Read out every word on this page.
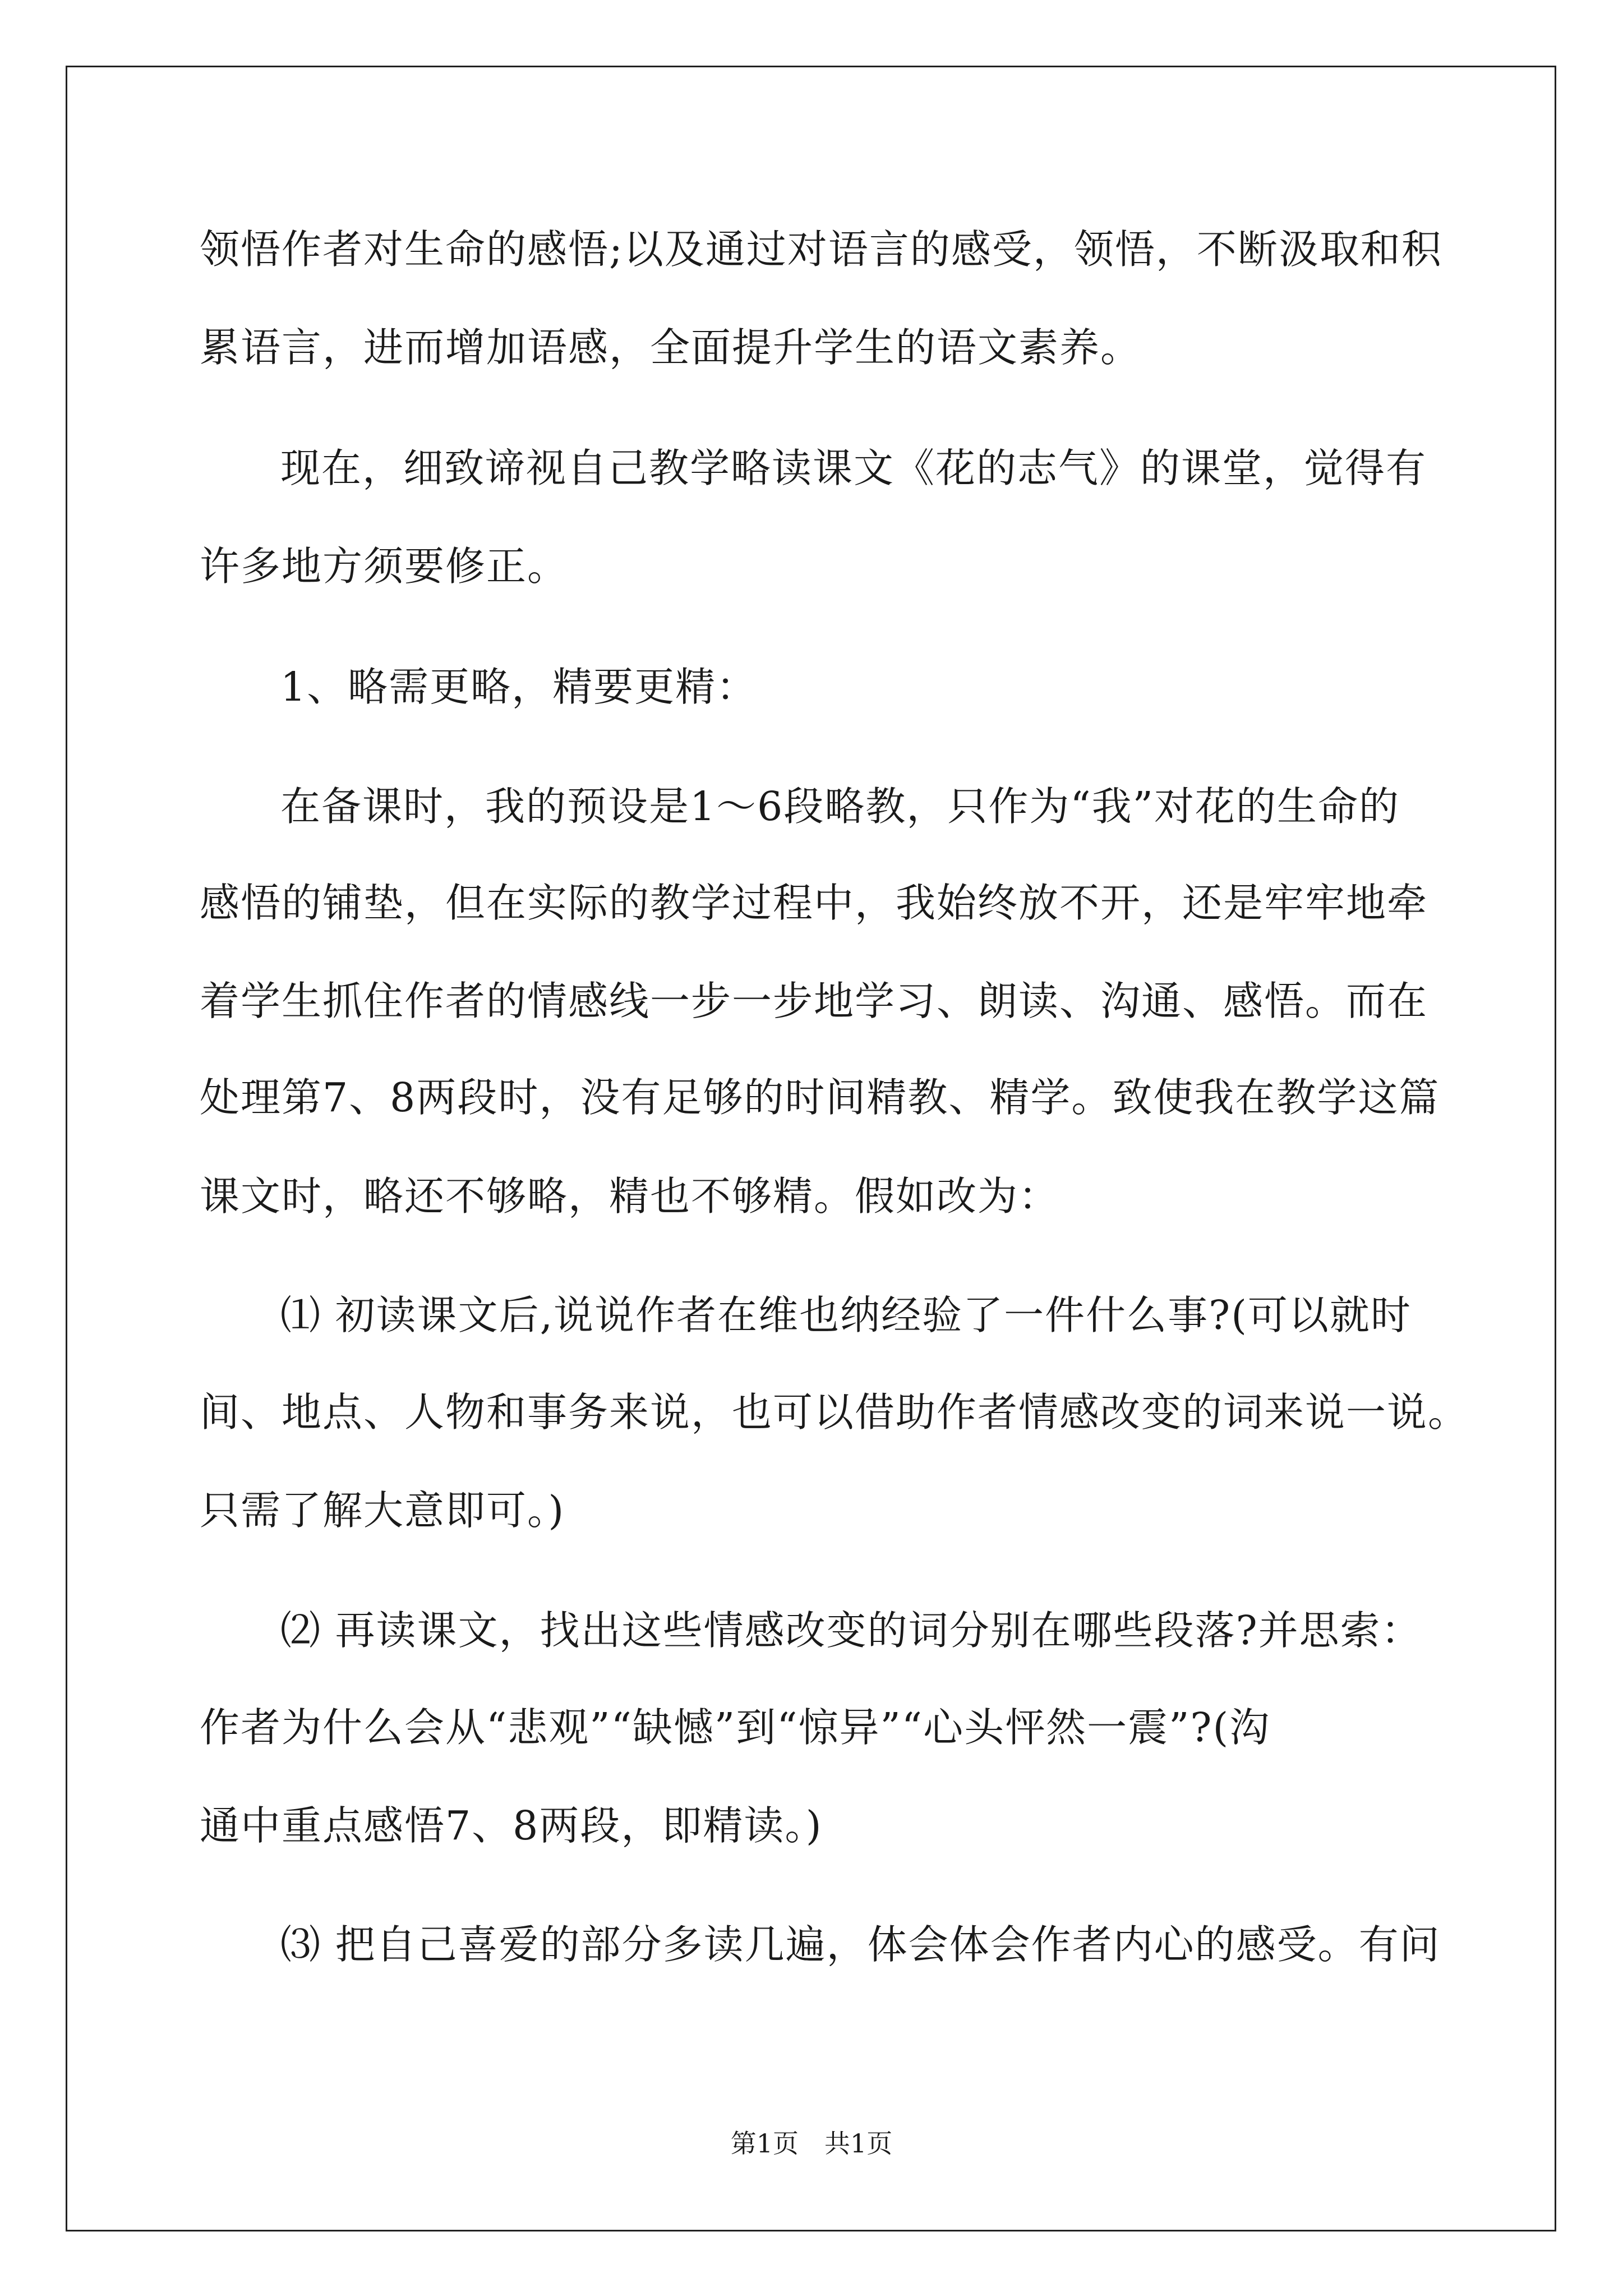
领悟作者对生命的感悟;以及通过对语言的感受，领悟，不断汲取和积
累语言，进而增加语感，全面提升学生的语文素养。
现在，细致谛视自己教学略读课文《花的志气》的课堂，觉得有
许多地方须要修正。
1、略需更略，精要更精：
在备课时，我的预设是1～6段略教，只作为“我”对花的生命的
感悟的铺垫，但在实际的教学过程中，我始终放不开，还是牢牢地牵
着学生抓住作者的情感线一步一步地学习、朗读、沟通、感悟。而在
处理第7、8两段时，没有足够的时间精教、精学。致使我在教学这篇
课文时，略还不够略，精也不够精。假如改为：
⑴ 初读课文后,说说作者在维也纳经验了一件什么事?(可以就时
间、地点、人物和事务来说，也可以借助作者情感改变的词来说一说。
只需了解大意即可。)
⑵ 再读课文，找出这些情感改变的词分别在哪些段落?并思索：
作者为什么会从“悲观”“缺憾”到“惊异”“心头怦然一震”?(沟
通中重点感悟7、8两段，即精读。)
⑶ 把自己喜爱的部分多读几遍，体会体会作者内心的感受。有问
第1页　共1页
